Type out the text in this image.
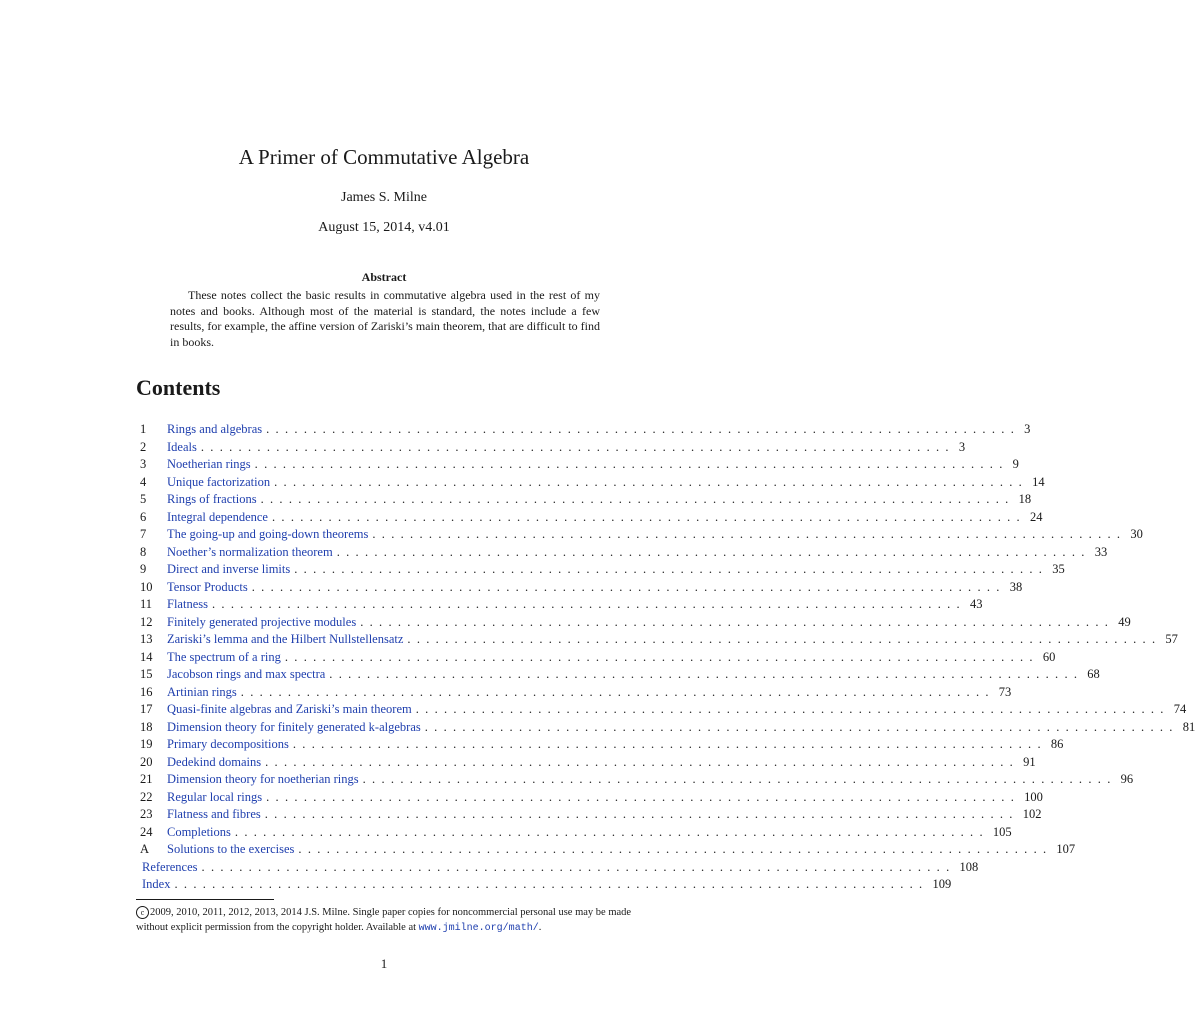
A Primer of Commutative Algebra
James S. Milne
August 15, 2014, v4.01
Abstract

These notes collect the basic results in commutative algebra used in the rest of my notes and books. Although most of the material is standard, the notes include a few results, for example, the affine version of Zariski’s main theorem, that are difficult to find in books.

Contents
1	Rings and algebras ................................................................................ 3
2	Ideals ................................................................................ 3
3	Noetherian rings ................................................................................ 9
4	Unique factorization ................................................................................ 14
5	Rings of fractions ................................................................................ 18
6	Integral dependence ................................................................................ 24
7	The going-up and going-down theorems ................................................................................ 30
8	Noether’s normalization theorem ................................................................................ 33
9	Direct and inverse limits ................................................................................ 35
10	Tensor Products ................................................................................ 38
11	Flatness ................................................................................ 43
12	Finitely generated projective modules ................................................................................ 49
13	Zariski’s lemma and the Hilbert Nullstellensatz ................................................................................ 57
14	The spectrum of a ring ................................................................................ 60
15	Jacobson rings and max spectra ................................................................................ 68
16	Artinian rings ................................................................................ 73
17	Quasi-finite algebras and Zariski’s main theorem ................................................................................ 74
18	Dimension theory for finitely generated k-algebras ................................................................................ 81
19	Primary decompositions ................................................................................ 86
20	Dedekind domains ................................................................................ 91
21	Dimension theory for noetherian rings ................................................................................ 96
22	Regular local rings ................................................................................ 100
23	Flatness and fibres ................................................................................ 102
24	Completions ................................................................................ 105
A	Solutions to the exercises ................................................................................ 107
References ................................................................................ 108
Index ................................................................................ 109

c 2009, 2010, 2011, 2012, 2013, 2014 J.S. Milne. Single paper copies for noncommercial personal use may be made without explicit permission from the copyright holder. Available at www.jmilne.org/math/.

1
